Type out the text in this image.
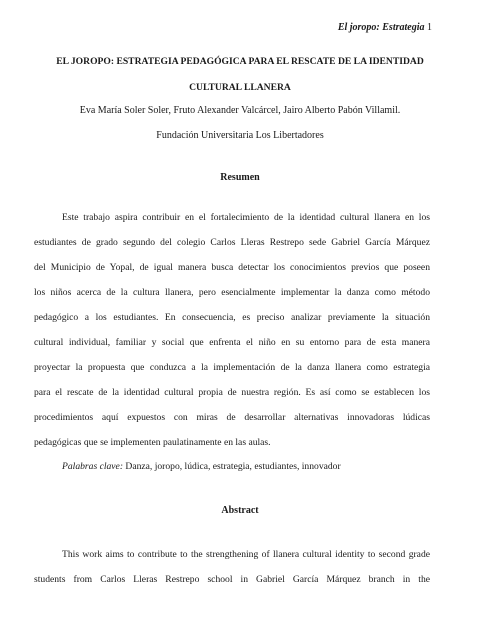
El joropo: Estrategia 1
EL JOROPO: ESTRATEGIA PEDAGÓGICA PARA EL RESCATE DE LA IDENTIDAD
CULTURAL LLANERA
Eva María Soler Soler, Fruto Alexander Valcárcel, Jairo Alberto Pabón Villamil.
Fundación Universitaria Los Libertadores
Resumen
Este trabajo aspira contribuir en el fortalecimiento de la identidad cultural llanera en los
estudiantes de grado segundo del colegio Carlos Lleras Restrepo sede Gabriel García Márquez
del Municipio de Yopal, de igual manera busca detectar los conocimientos previos que poseen
los niños acerca de la cultura llanera, pero esencialmente implementar la danza como método
pedagógico a los estudiantes. En consecuencia, es preciso analizar previamente la situación
cultural individual, familiar y social que enfrenta el niño en su entorno para de esta manera
proyectar la propuesta que conduzca a la implementación de la danza llanera como estrategia
para el rescate de la identidad cultural propia de nuestra región. Es así como se establecen los
procedimientos aquí expuestos con miras de desarrollar alternativas innovadoras lúdicas
pedagógicas que se implementen paulatinamente en las aulas.
Palabras clave: Danza, joropo, lúdica, estrategia, estudiantes, innovador
Abstract
This work aims to contribute to the strengthening of llanera cultural identity to second grade
students from Carlos Lleras Restrepo school in Gabriel García Márquez branch in the
